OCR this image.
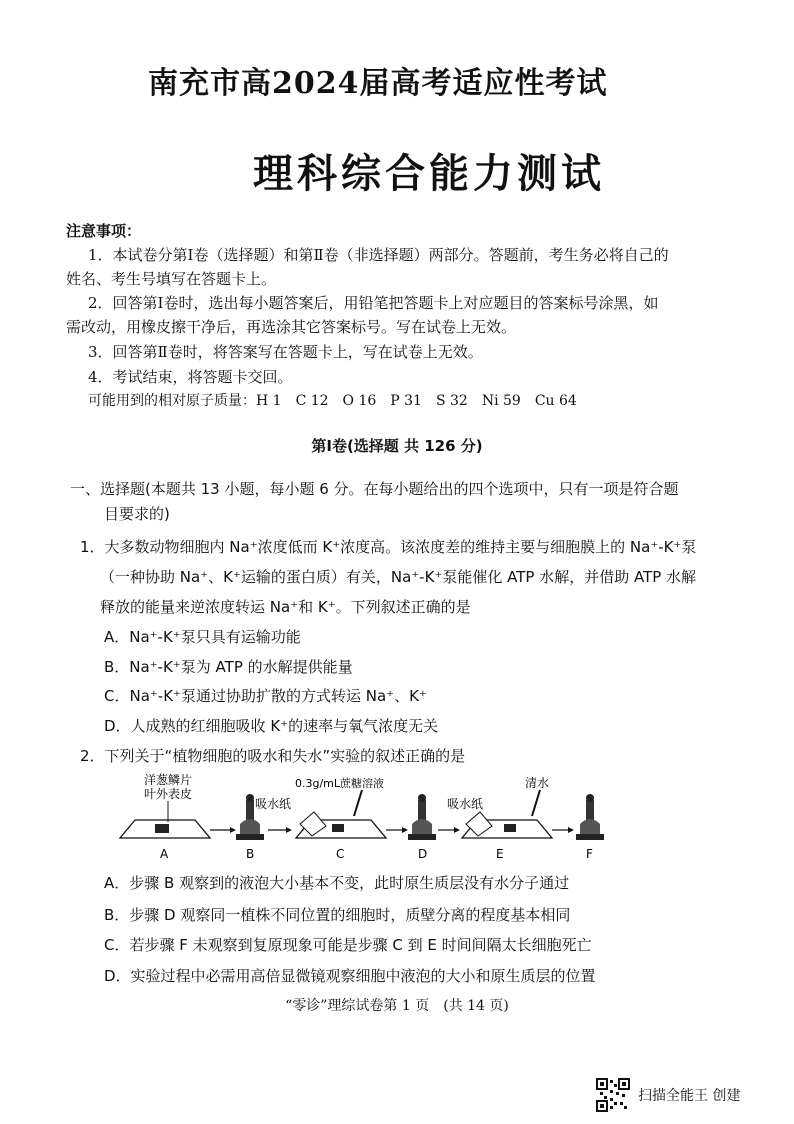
南充市高2024届高考适应性考试
理科综合能力测试
注意事项：
1．本试卷分第Ⅰ卷（选择题）和第Ⅱ卷（非选择题）两部分。答题前，考生务必将自己的
姓名、考生号填写在答题卡上。
2．回答第Ⅰ卷时，选出每小题答案后，用铅笔把答题卡上对应题目的答案标号涂黑，如
需改动，用橡皮擦干净后，再选涂其它答案标号。写在试卷上无效。
3．回答第Ⅱ卷时，将答案写在答题卡上，写在试卷上无效。
4．考试结束，将答题卡交回。
可能用到的相对原子质量：H 1　C 12　O 16　P 31　S 32　Ni 59　Cu 64
第Ⅰ卷(选择题 共 126 分)
一、选择题(本题共 13 小题，每小题 6 分。在每小题给出的四个选项中，只有一项是符合题
目要求的)
1．大多数动物细胞内 Na⁺浓度低而 K⁺浓度高。该浓度差的维持主要与细胞膜上的 Na⁺-K⁺泵
（一种协助 Na⁺、K⁺运输的蛋白质）有关，Na⁺-K⁺泵能催化 ATP 水解，并借助 ATP 水解
释放的能量来逆浓度转运 Na⁺和 K⁺。下列叙述正确的是
A．Na⁺-K⁺泵只具有运输功能
B．Na⁺-K⁺泵为 ATP 的水解提供能量
C．Na⁺-K⁺泵通过协助扩散的方式转运 Na⁺、K⁺
D．人成熟的红细胞吸收 K⁺的速率与氧气浓度无关
2．下列关于“植物细胞的吸水和失水”实验的叙述正确的是
洋葱鳞片
叶外表皮
0.3g/mL蔗糖溶液
吸水纸	吸水纸
清水
A	B	C	D	E	F
A．步骤 B 观察到的液泡大小基本不变，此时原生质层没有水分子通过
B．步骤 D 观察同一植株不同位置的细胞时，质壁分离的程度基本相同
C．若步骤 F 未观察到复原现象可能是步骤 C 到 E 时间间隔太长细胞死亡
D．实验过程中必需用高倍显微镜观察细胞中液泡的大小和原生质层的位置
“零诊”理综试卷第 1 页　(共 14 页)
扫描全能王 创建
